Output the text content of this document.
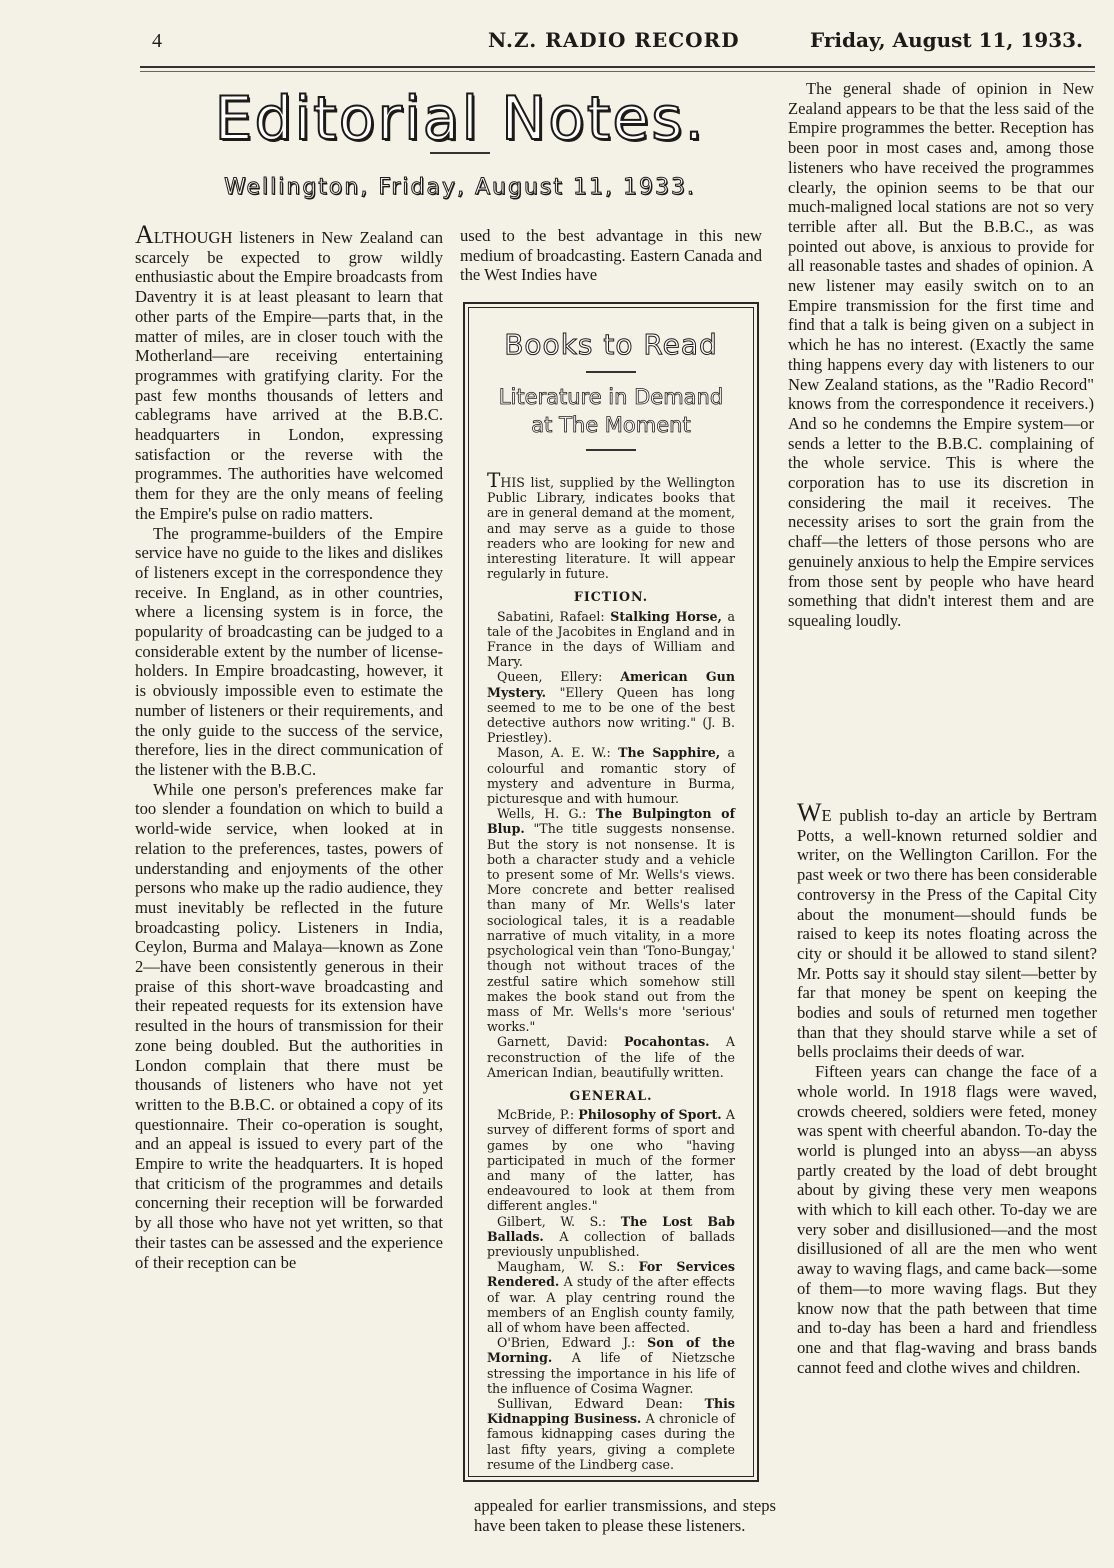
4	N.Z. RADIO RECORD	Friday, August 11, 1933.
Editorial Notes.
Wellington, Friday, August 11, 1933.

ALTHOUGH listeners in New Zealand can scarcely be expected to grow wildly enthusiastic about the Empire broadcasts from Daventry it is at least pleasant to learn that other parts of the Empire—parts that, in the matter of miles, are in closer touch with the Motherland—are receiving entertaining programmes with gratifying clarity. For the past few months thousands of letters and cablegrams have arrived at the B.B.C. headquarters in London, expressing satisfaction or the reverse with the programmes. The authorities have welcomed them for they are the only means of feeling the Empire's pulse on radio matters.

The programme-builders of the Empire service have no guide to the likes and dislikes of listeners except in the correspondence they receive. In England, as in other countries, where a licensing system is in force, the popularity of broadcasting can be judged to a considerable extent by the number of license-holders. In Empire broadcasting, however, it is obviously impossible even to estimate the number of listeners or their requirements, and the only guide to the success of the service, therefore, lies in the direct communication of the listener with the B.B.C.

While one person's preferences make far too slender a foundation on which to build a world-wide service, when looked at in relation to the preferences, tastes, powers of understanding and enjoyments of the other persons who make up the radio audience, they must inevitably be reflected in the future broadcasting policy. Listeners in India, Ceylon, Burma and Malaya—known as Zone 2—have been consistently generous in their praise of this short-wave broadcasting and their repeated requests for its extension have resulted in the hours of transmission for their zone being doubled. But the authorities in London complain that there must be thousands of listeners who have not yet written to the B.B.C. or obtained a copy of its questionnaire. Their co-operation is sought, and an appeal is issued to every part of the Empire to write the headquarters. It is hoped that criticism of the programmes and details concerning their reception will be forwarded by all those who have not yet written, so that their tastes can be assessed and the experience of their reception can be

used to the best advantage in this new medium of broadcasting. Eastern Canada and the West Indies have

Books to Read
Literature in Demand
at The Moment

THIS list, supplied by the Wellington Public Library, indicates books that are in general demand at the moment, and may serve as a guide to those readers who are looking for new and interesting literature. It will appear regularly in future.

FICTION.

Sabatini, Rafael: Stalking Horse, a tale of the Jacobites in England and in France in the days of William and Mary.

Queen, Ellery: American Gun Mystery. "Ellery Queen has long seemed to me to be one of the best detective authors now writing." (J. B. Priestley).

Mason, A. E. W.: The Sapphire, a colourful and romantic story of mystery and adventure in Burma, picturesque and with humour.

Wells, H. G.: The Bulpington of Blup. "The title suggests nonsense. But the story is not nonsense. It is both a character study and a vehicle to present some of Mr. Wells's views. More concrete and better realised than many of Mr. Wells's later sociological tales, it is a readable narrative of much vitality, in a more psychological vein than 'Tono-Bungay,' though not without traces of the zestful satire which somehow still makes the book stand out from the mass of Mr. Wells's more 'serious' works."

Garnett, David: Pocahontas. A reconstruction of the life of the American Indian, beautifully written.

GENERAL.

McBride, P.: Philosophy of Sport. A survey of different forms of sport and games by one who "having participated in much of the former and many of the latter, has endeavoured to look at them from different angles."

Gilbert, W. S.: The Lost Bab Ballads. A collection of ballads previously unpublished.

Maugham, W. S.: For Services Rendered. A study of the after effects of war. A play centring round the members of an English county family, all of whom have been affected.

O'Brien, Edward J.: Son of the Morning. A life of Nietzsche stressing the importance in his life of the influence of Cosima Wagner.

Sullivan, Edward Dean: This Kidnapping Business. A chronicle of famous kidnapping cases during the last fifty years, giving a complete resume of the Lindberg case.

appealed for earlier transmissions, and steps have been taken to please these listeners.

The general shade of opinion in New Zealand appears to be that the less said of the Empire programmes the better. Reception has been poor in most cases and, among those listeners who have received the programmes clearly, the opinion seems to be that our much-maligned local stations are not so very terrible after all. But the B.B.C., as was pointed out above, is anxious to provide for all reasonable tastes and shades of opinion. A new listener may easily switch on to an Empire transmission for the first time and find that a talk is being given on a subject in which he has no interest. (Exactly the same thing happens every day with listeners to our New Zealand stations, as the "Radio Record" knows from the correspondence it receivers.) And so he condemns the Empire system—or sends a letter to the B.B.C. complaining of the whole service. This is where the corporation has to use its discretion in considering the mail it receives. The necessity arises to sort the grain from the chaff—the letters of those persons who are genuinely anxious to help the Empire services from those sent by people who have heard something that didn't interest them and are squealing loudly.

WE publish to-day an article by Bertram Potts, a well-known returned soldier and writer, on the Wellington Carillon. For the past week or two there has been considerable controversy in the Press of the Capital City about the monument—should funds be raised to keep its notes floating across the city or should it be allowed to stand silent? Mr. Potts say it should stay silent—better by far that money be spent on keeping the bodies and souls of returned men together than that they should starve while a set of bells proclaims their deeds of war.

Fifteen years can change the face of a whole world. In 1918 flags were waved, crowds cheered, soldiers were feted, money was spent with cheerful abandon. To-day the world is plunged into an abyss—an abyss partly created by the load of debt brought about by giving these very men weapons with which to kill each other. To-day we are very sober and disillusioned—and the most disillusioned of all are the men who went away to waving flags, and came back—some of them—to more waving flags. But they know now that the path between that time and to-day has been a hard and friendless one and that flag-waving and brass bands cannot feed and clothe wives and children.
